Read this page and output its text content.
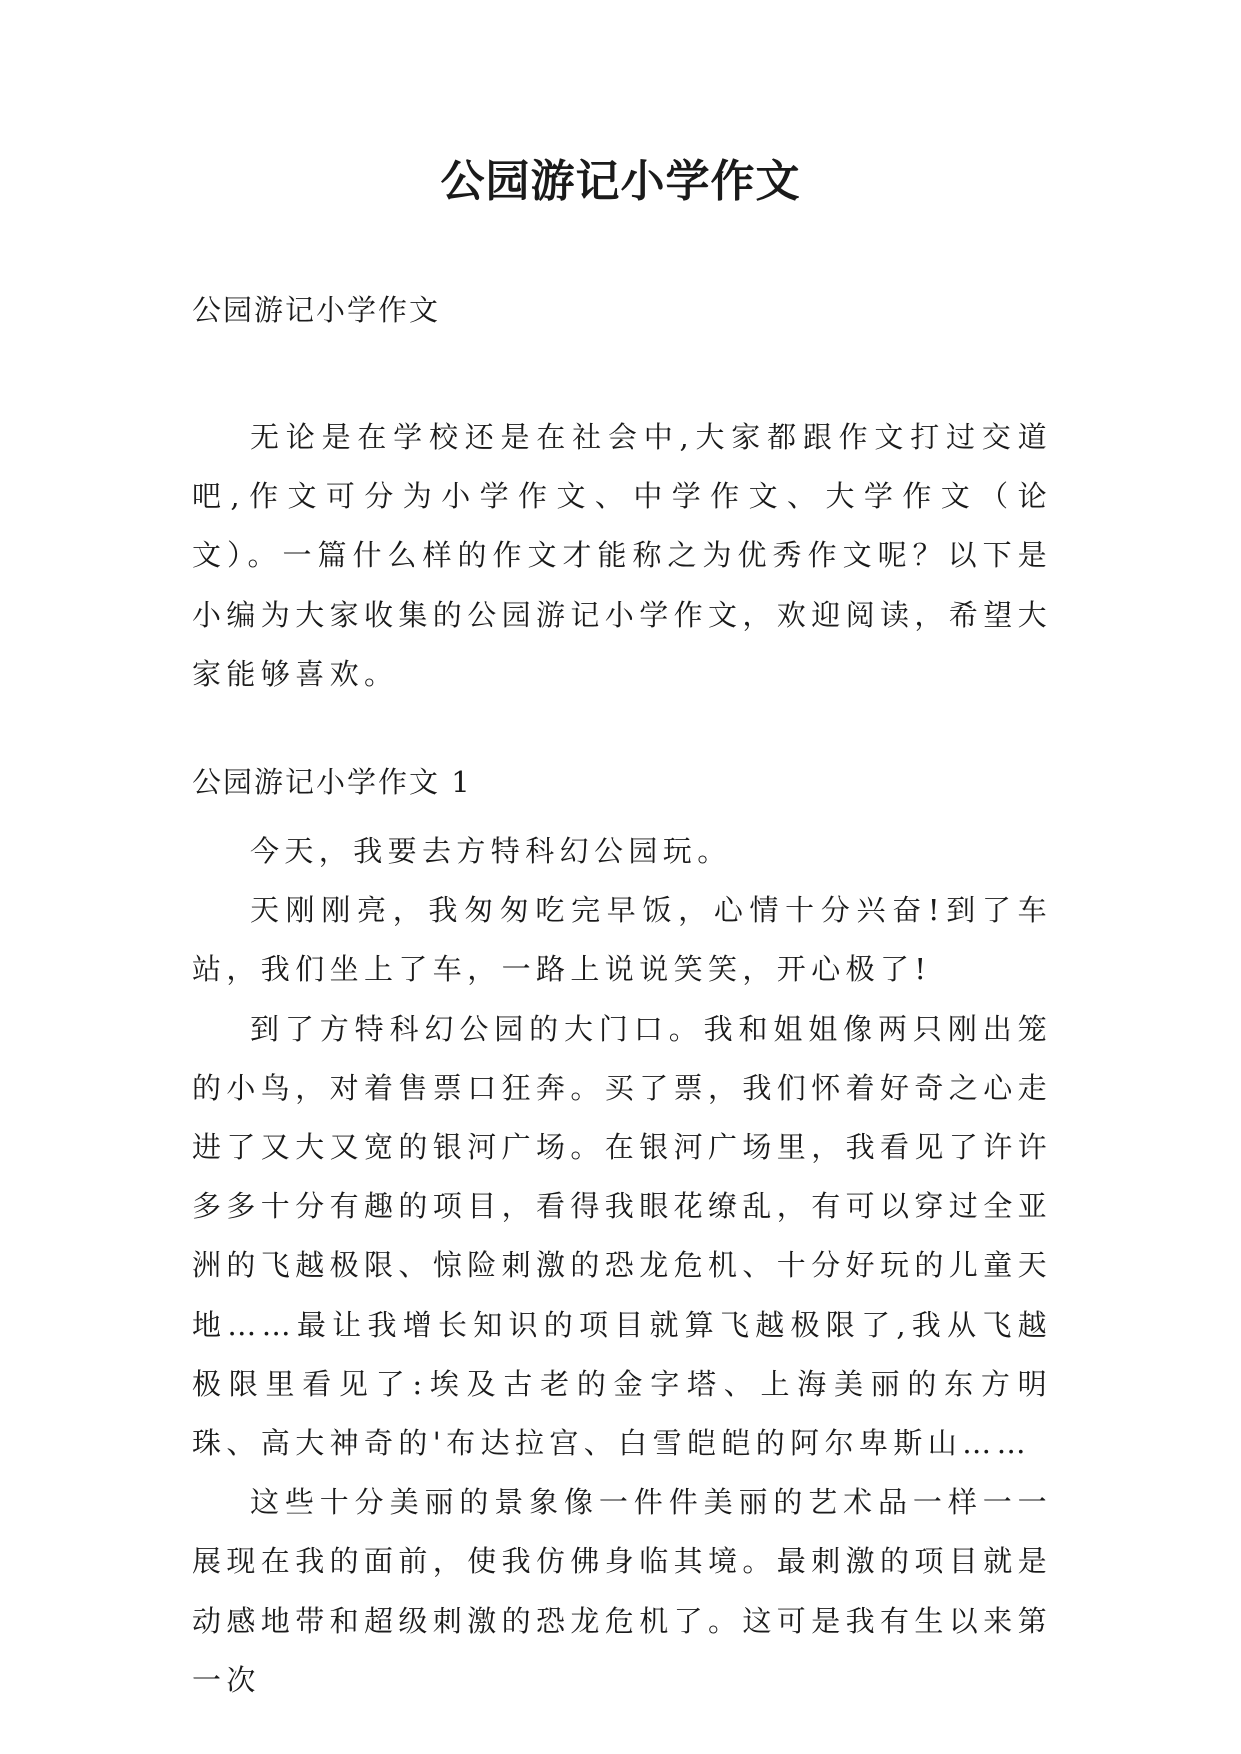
公园游记小学作文

公园游记小学作文

无论是在学校还是在社会中,大家都跟作文打过交道吧,作文可分为小学作文、中学作文、大学作文（论文）。一篇什么样的作文才能称之为优秀作文呢？以下是小编为大家收集的公园游记小学作文，欢迎阅读，希望大家能够喜欢。

公园游记小学作文 1

今天，我要去方特科幻公园玩。

天刚刚亮，我匆匆吃完早饭，心情十分兴奋!到了车站，我们坐上了车，一路上说说笑笑，开心极了!

到了方特科幻公园的大门口。我和姐姐像两只刚出笼的小鸟，对着售票口狂奔。买了票，我们怀着好奇之心走进了又大又宽的银河广场。在银河广场里，我看见了许许多多十分有趣的项目，看得我眼花缭乱，有可以穿过全亚洲的飞越极限、惊险刺激的恐龙危机、十分好玩的儿童天地……最让我增长知识的项目就算飞越极限了,我从飞越极限里看见了:埃及古老的金字塔、上海美丽的东方明珠、高大神奇的'布达拉宫、白雪皑皑的阿尔卑斯山……

这些十分美丽的景象像一件件美丽的艺术品一样一一展现在我的面前，使我仿佛身临其境。最刺激的项目就是动感地带和超级刺激的恐龙危机了。这可是我有生以来第一次
